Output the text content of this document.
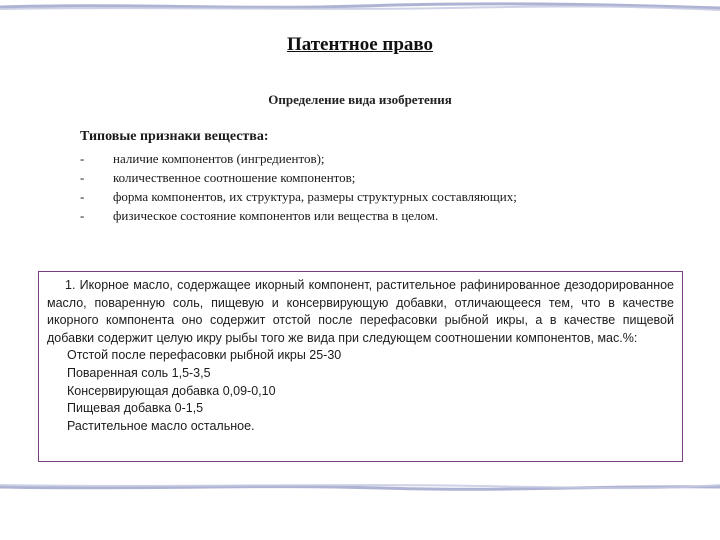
Патентное право
Определение вида изобретения
Типовые признаки вещества:
- наличие компонентов (ингредиентов);
- количественное соотношение компонентов;
- форма компонентов, их структура, размеры структурных составляющих;
- физическое состояние компонентов или вещества в целом.

1. Икорное масло, содержащее икорный компонент, растительное рафинированное дезодорированное масло, поваренную соль, пищевую и консервирующую добавки, отличающееся тем, что в качестве икорного компонента оно содержит отстой после перефасовки рыбной икры, а в качестве пищевой добавки содержит целую икру рыбы того же вида при следующем соотношении компонентов, мас.%:

Отстой после перефасовки рыбной икры 25-30
Поваренная соль 1,5-3,5
Консервирующая добавка 0,09-0,10
Пищевая добавка 0-1,5
Растительное масло остальное.
